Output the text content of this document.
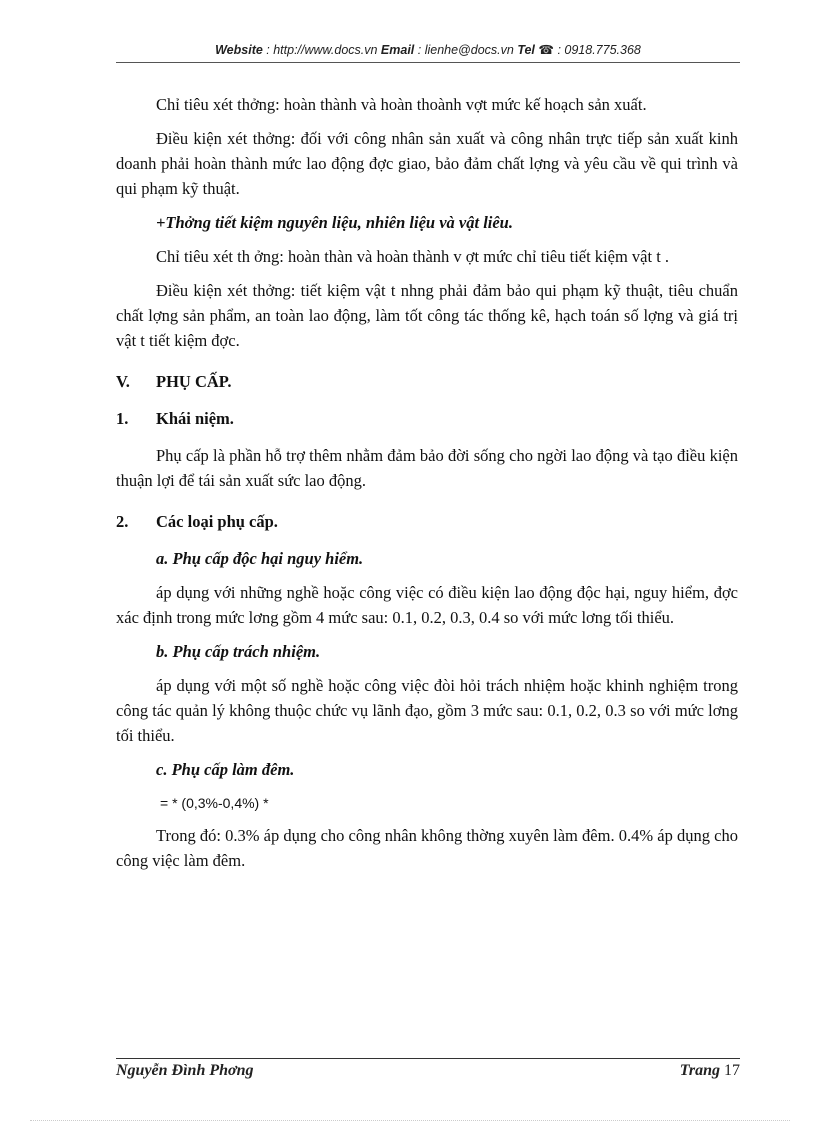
Website : http://www.docs.vn Email : lienhe@docs.vn Tel ☎ : 0918.775.368

Chỉ tiêu xét thởng: hoàn thành và hoàn thoành vợt mức kế hoạch sản xuất.

Điều kiện xét thởng: đối với công nhân sản xuất và công nhân trực tiếp sản xuất kinh doanh phải hoàn thành mức lao động đợc giao, bảo đảm chất lợng và yêu cầu về qui trình và qui phạm kỹ thuật.

+Thởng tiết kiệm nguyên liệu, nhiên liệu và vật liêu.

Chỉ tiêu xét th ởng: hoàn thàn và hoàn thành v ợt mức chỉ tiêu tiết kiệm vật t .

Điều kiện xét thởng: tiết kiệm vật t nhng phải đảm bảo qui phạm kỹ thuật, tiêu chuẩn chất lợng sản phẩm, an toàn lao động, làm tốt công tác thống kê, hạch toán số lợng và giá trị vật t tiết kiệm đợc.

V.	PHỤ CẤP.
1.	Khái niệm.

Phụ cấp là phần hỗ trợ thêm nhằm đảm bảo đời sống cho ngời lao động và tạo điều kiện thuận lợi để tái sản xuất sức lao động.

2.	Các loại phụ cấp.
a. Phụ cấp độc hại nguy hiểm.

áp dụng với những nghề hoặc công việc có điều kiện lao động độc hại, nguy hiểm, đợc xác định trong mức lơng gồm 4 mức sau: 0.1, 0.2, 0.3, 0.4 so với mức lơng tối thiểu.

b. Phụ cấp trách nhiệm.

áp dụng với một số nghề hoặc công việc đòi hỏi trách nhiệm hoặc khinh nghiệm trong công tác quản lý không thuộc chức vụ lãnh đạo, gồm 3 mức sau: 0.1, 0.2, 0.3 so với mức lơng tối thiểu.

c. Phụ cấp làm đêm.
= * (0,3%-0,4%) *

Trong đó: 0.3% áp dụng cho công nhân không thờng xuyên làm đêm. 0.4% áp dụng cho công việc làm đêm.

Nguyễn Đình Phơng	Trang 17
